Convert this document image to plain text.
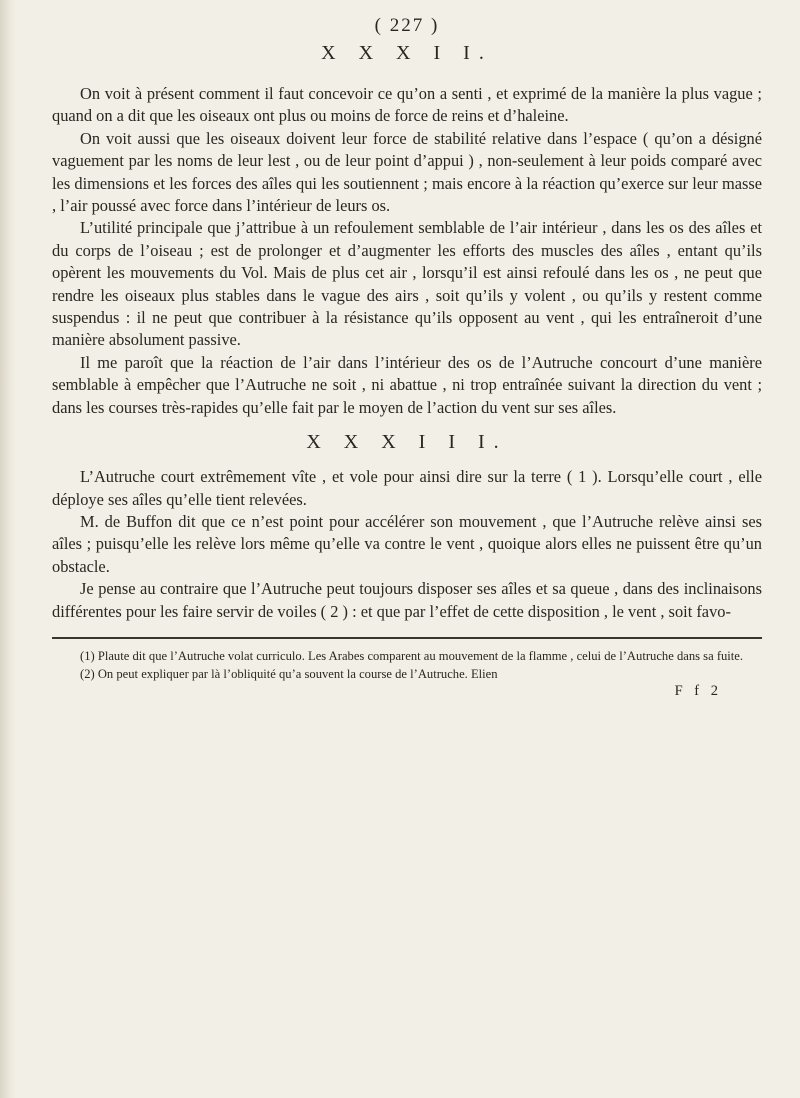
( 227 )
X X X I I.

On voit à présent comment il faut concevoir ce qu’on a senti , et exprimé de la manière la plus vague ; quand on a dit que les oiseaux ont plus ou moins de force de reins et d’haleine.

On voit aussi que les oiseaux doivent leur force de stabilité relative dans l’espace ( qu’on a désigné vaguement par les noms de leur lest , ou de leur point d’appui ) , non-seulement à leur poids comparé avec les dimensions et les forces des aîles qui les soutiennent ; mais encore à la réaction qu’exerce sur leur masse , l’air poussé avec force dans l’intérieur de leurs os.

L’utilité principale que j’attribue à un refoulement semblable de l’air intérieur , dans les os des aîles et du corps de l’oiseau ; est de prolonger et d’augmenter les efforts des muscles des aîles , entant qu’ils opèrent les mouvements du Vol. Mais de plus cet air , lorsqu’il est ainsi refoulé dans les os , ne peut que rendre les oiseaux plus stables dans le vague des airs , soit qu’ils y volent , ou qu’ils y restent comme suspendus : il ne peut que contribuer à la résistance qu’ils opposent au vent , qui les entraîneroit d’une manière absolument passive.

Il me paroît que la réaction de l’air dans l’intérieur des os de l’Autruche concourt d’une manière semblable à empêcher que l’Autruche ne soit , ni abattue , ni trop entraînée suivant la direction du vent ; dans les courses très-rapides qu’elle fait par le moyen de l’action du vent sur ses aîles.

X X X I I I.

L’Autruche court extrêmement vîte , et vole pour ainsi dire sur la terre ( 1 ). Lorsqu’elle court , elle déploye ses aîles qu’elle tient relevées.

M. de Buffon dit que ce n’est point pour accélérer son mouvement , que l’Autruche relève ainsi ses aîles ; puisqu’elle les relève lors même qu’elle va contre le vent , quoique alors elles ne puissent être qu’un obstacle.

Je pense au contraire que l’Autruche peut toujours disposer ses aîles et sa queue , dans des inclinaisons différentes pour les faire servir de voiles ( 2 ) : et que par l’effet de cette disposition , le vent , soit favo-

(1) Plaute dit que l’Autruche volat curriculo. Les Arabes comparent au mouvement de la flamme , celui de l’Autruche dans sa fuite.

(2) On peut expliquer par là l’obliquité qu’a souvent la course de l’Autruche. Elien

F f 2
